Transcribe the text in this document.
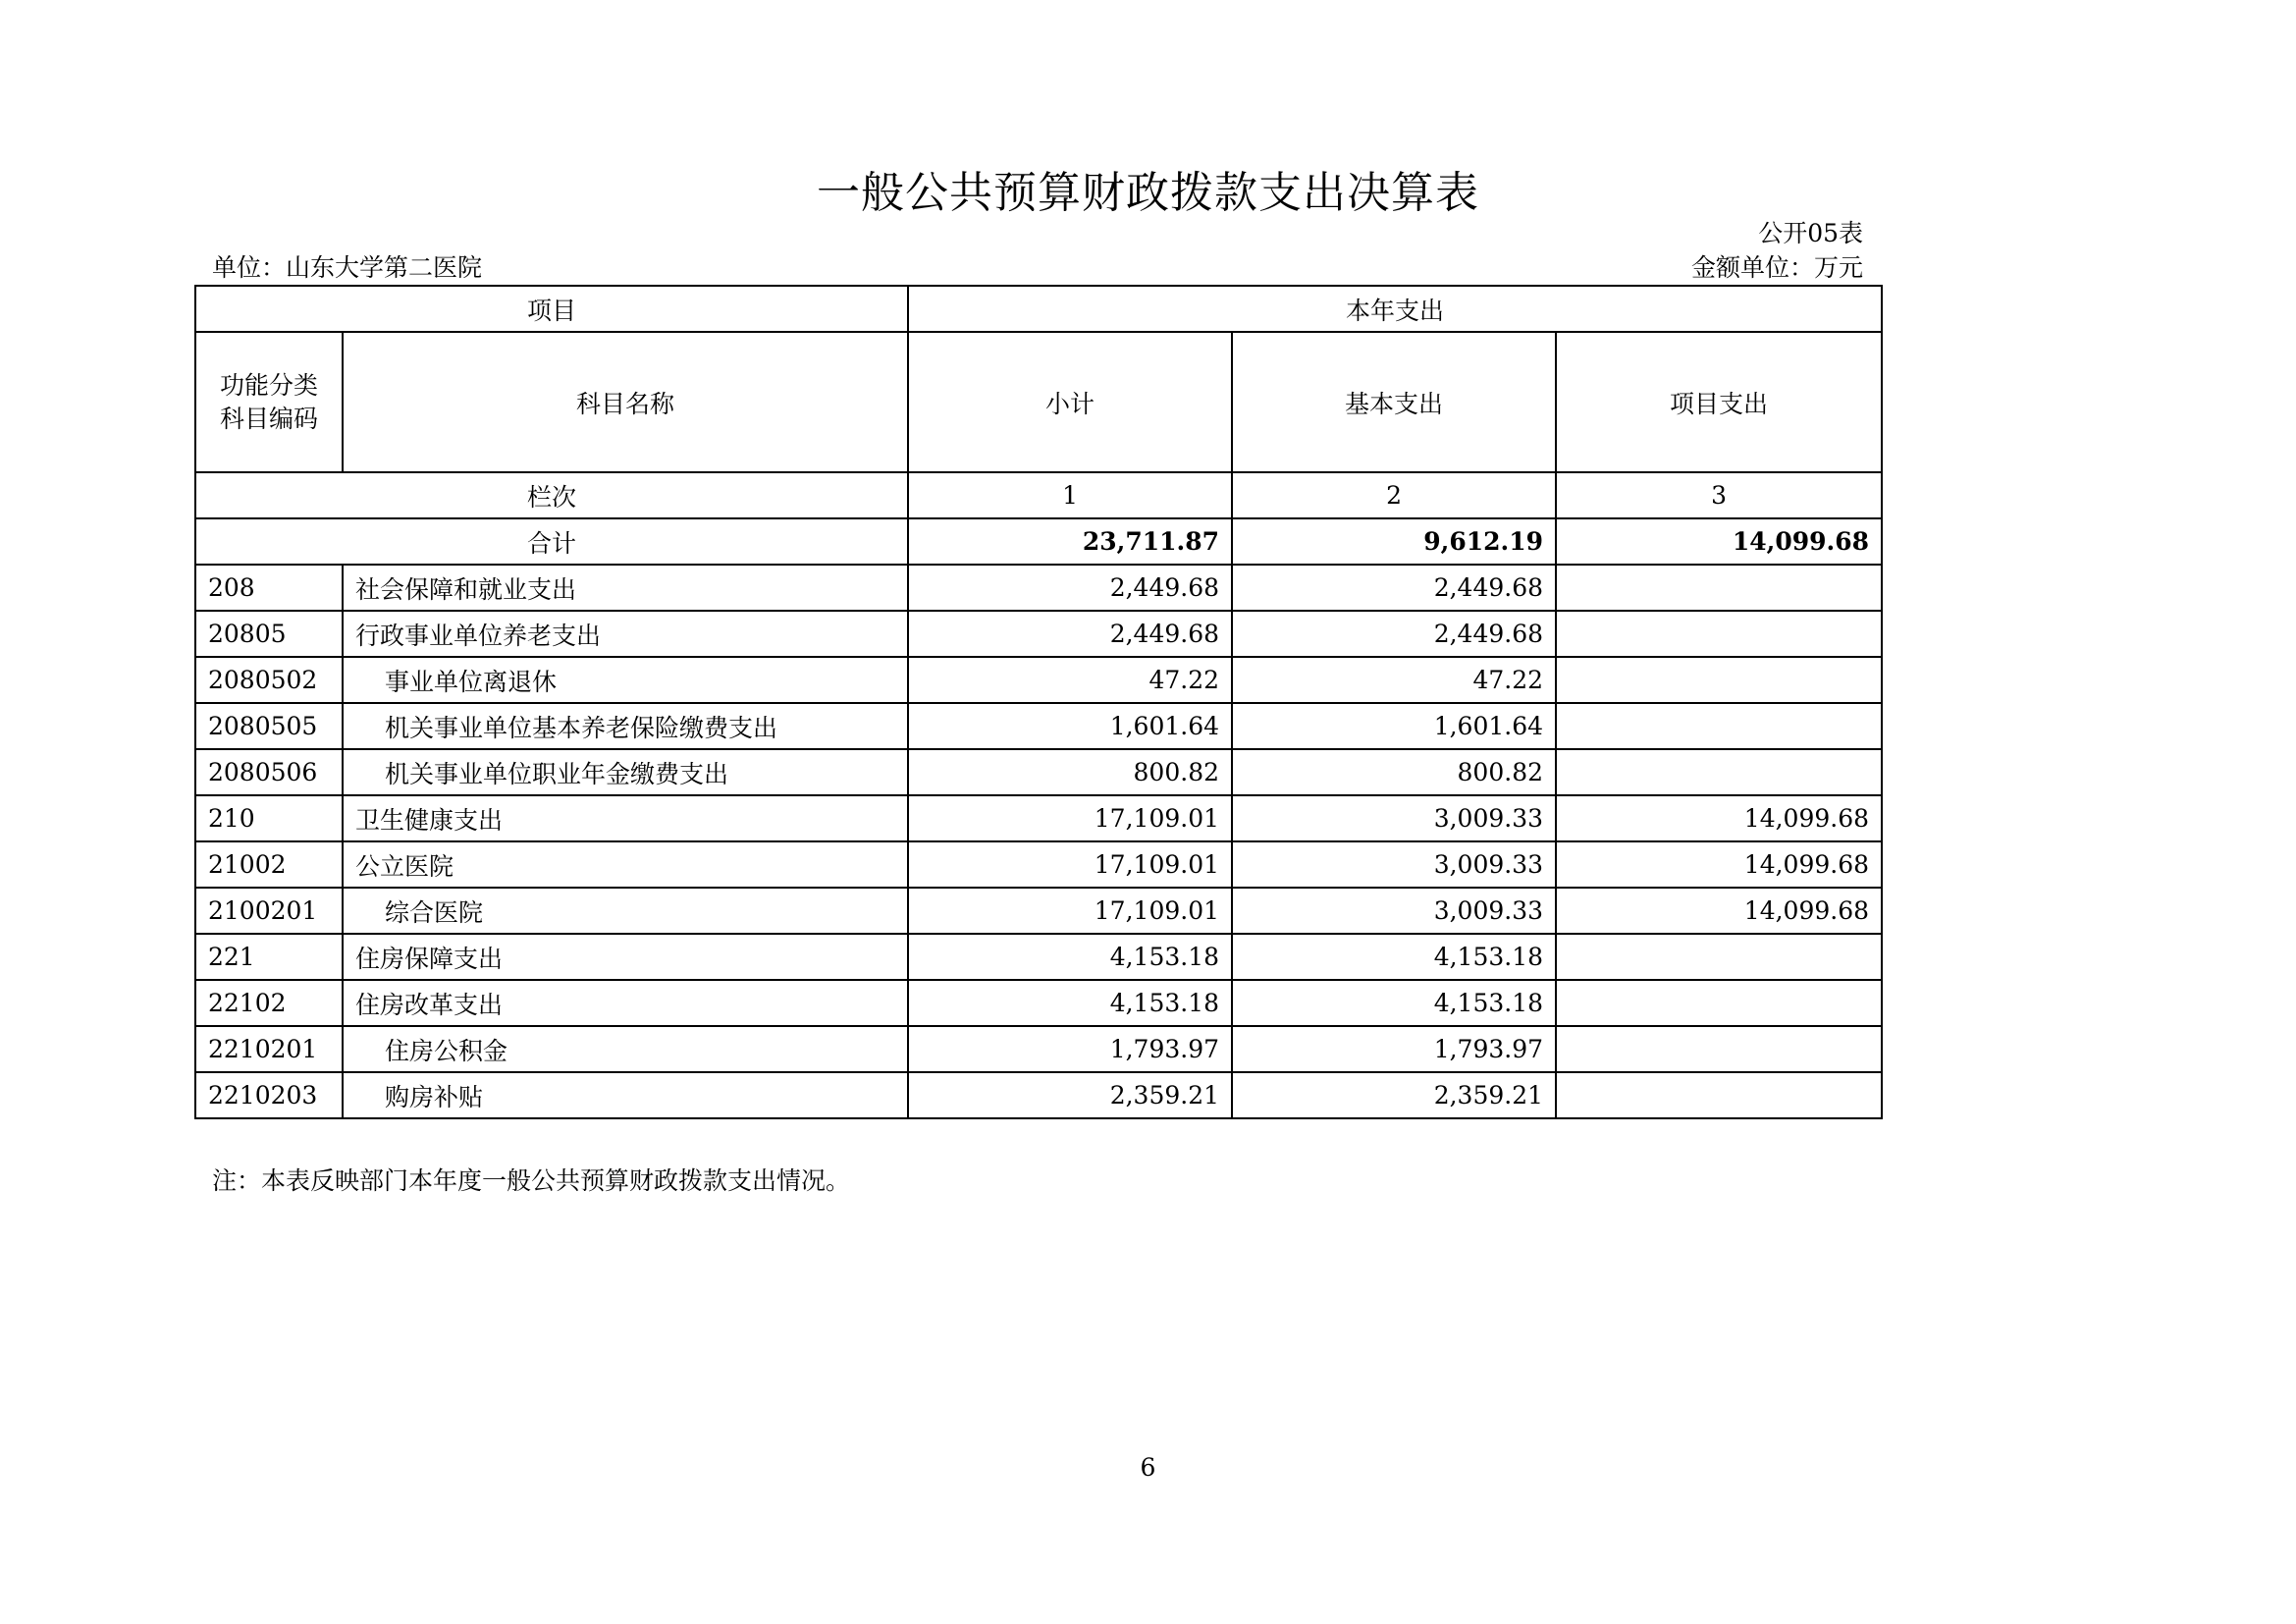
一般公共预算财政拨款支出决算表
公开05表
单位：山东大学第二医院	金额单位：万元
项目		本年支出		
功能分类
科目编码	科目名称	小计	基本支出	项目支出
栏次		1	2	3
合计		23,711.87	9,612.19	14,099.68
208	社会保障和就业支出	2,449.68	2,449.68	
20805	行政事业单位养老支出	2,449.68	2,449.68	
2080502	事业单位离退休	47.22	47.22	
2080505	机关事业单位基本养老保险缴费支出	1,601.64	1,601.64	
2080506	机关事业单位职业年金缴费支出	800.82	800.82	
210	卫生健康支出	17,109.01	3,009.33	14,099.68
21002	公立医院	17,109.01	3,009.33	14,099.68
2100201	综合医院	17,109.01	3,009.33	14,099.68
221	住房保障支出	4,153.18	4,153.18	
22102	住房改革支出	4,153.18	4,153.18	
2210201	住房公积金	1,793.97	1,793.97	
2210203	购房补贴	2,359.21	2,359.21	
注：本表反映部门本年度一般公共预算财政拨款支出情况。
6
